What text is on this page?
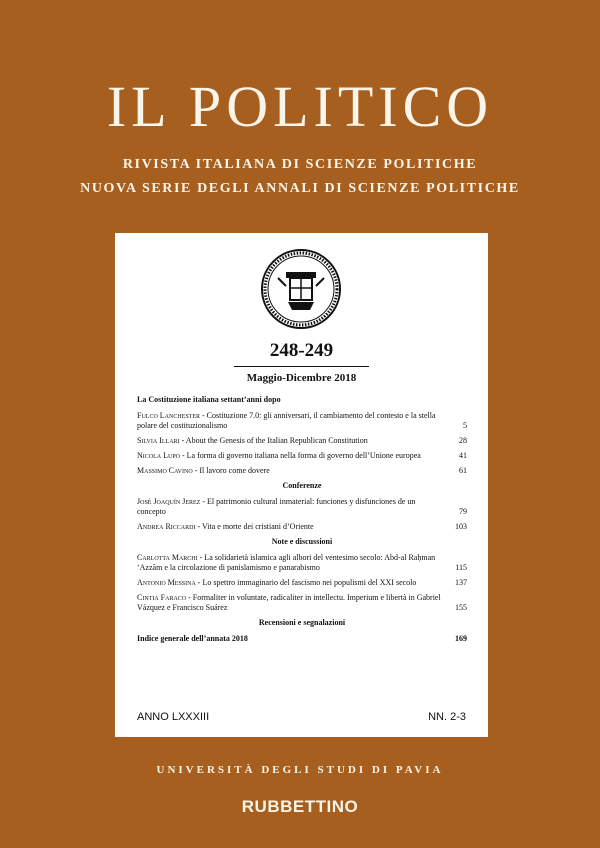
IL POLITICO
RIVISTA ITALIANA DI SCIENZE POLITICHE
NUOVA SERIE DEGLI ANNALI DI SCIENZE POLITICHE
248-249
Maggio-Dicembre 2018
La Costituzione italiana settant’anni dopo
Fulco Lanchester - Costituzione 7.0: gli anniversari, il cambiamento del contesto e la stella polare del costituzionalismo	5
Silvia Illari - About the Genesis of the Italian Republican Constitution	28
Nicola Lupo - La forma di governo italiana nella forma di governo dell’Unione europea	41
Massimo Cavino - Il lavoro come dovere	61
Conferenze
José Joaquín Jerez - El patrimonio cultural inmaterial: funciones y disfunciones de un concepto	79
Andrea Riccardi - Vita e morte dei cristiani d’Oriente	103
Note e discussioni
Carlotta Marchi - La solidarietà islamica agli albori del ventesimo secolo: Abd-al Raḥman ‘Azzām e la circolazione di panislamismo e panarabismo	115
Antonio Messina - Lo spettro immaginario del fascismo nei populismi del XXI secolo	137
Cintia Faraco - Formaliter in voluntate, radicaliter in intellectu. Imperium e libertà in Gabriel Vázquez e Francisco Suárez	155
Recensioni e segnalazioni
Indice generale dell’annata 2018	169
ANNO LXXXIII	NN. 2-3
UNIVERSITÀ DEGLI STUDI DI PAVIA
RUBBETTINO
